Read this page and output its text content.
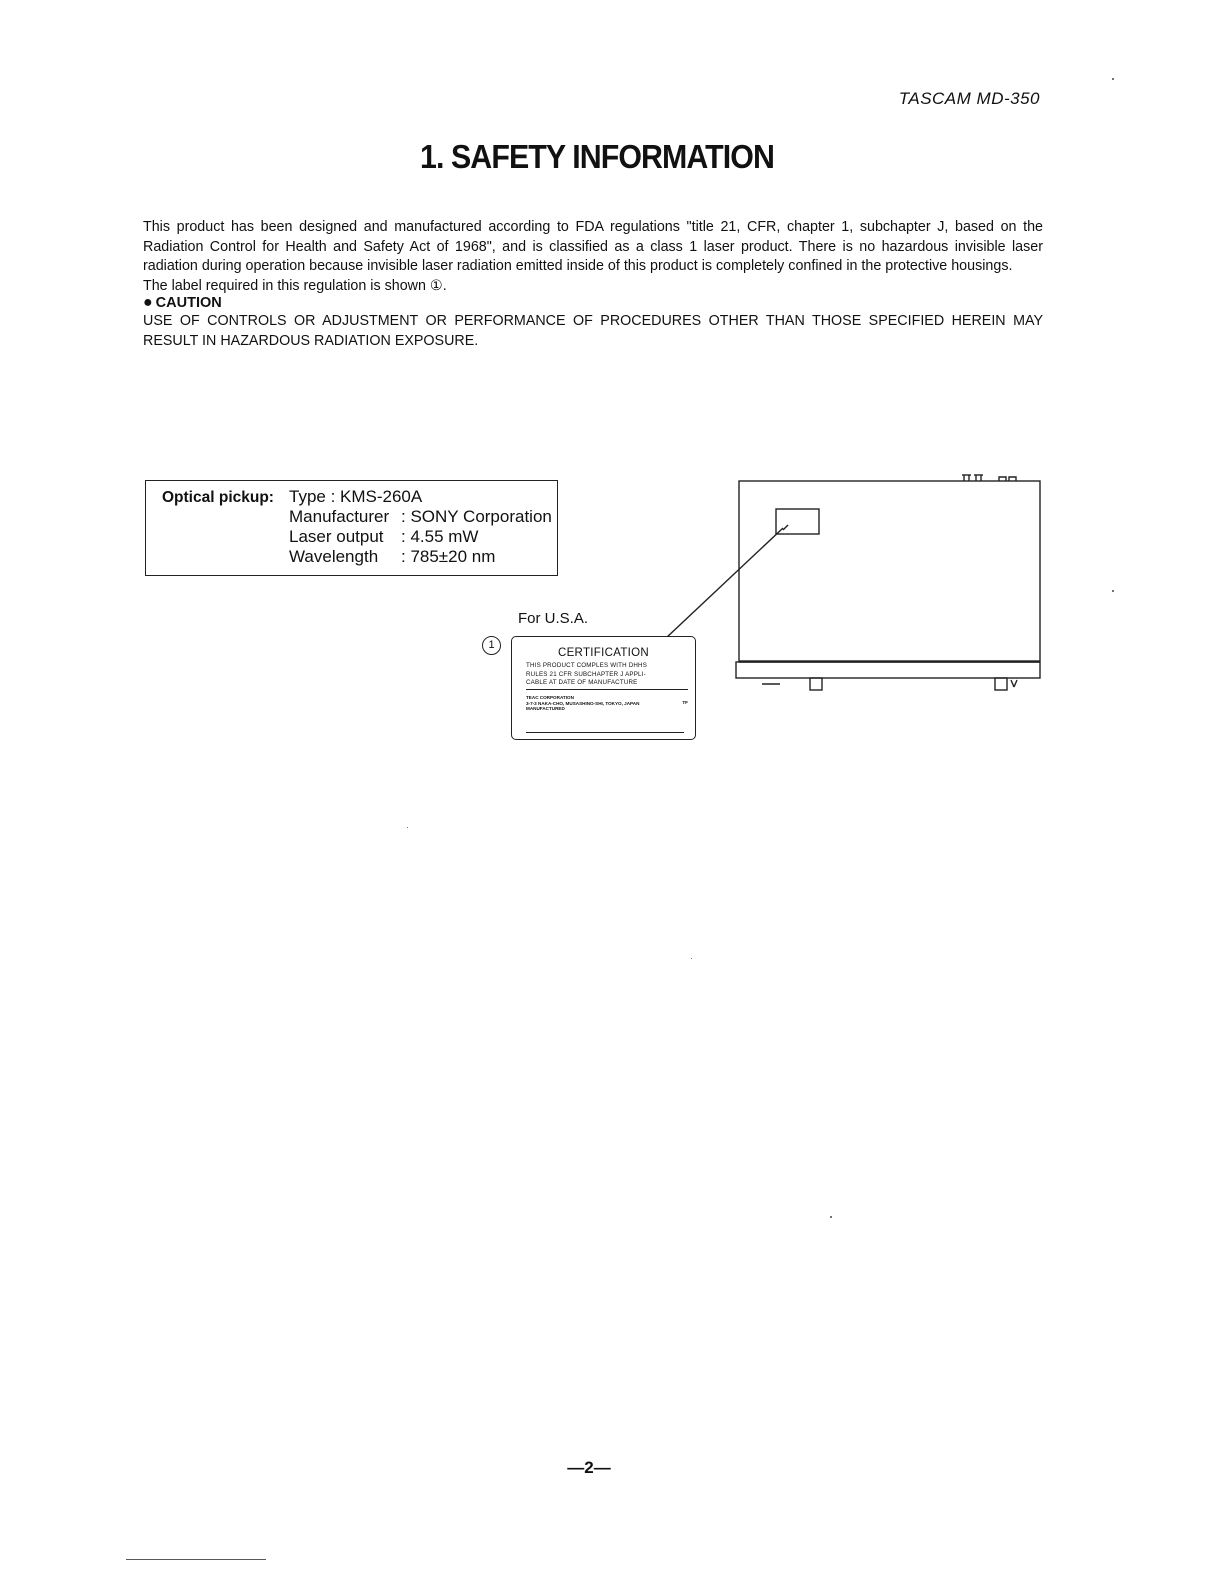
TASCAM MD-350
1. SAFETY INFORMATION

This product has been designed and manufactured according to FDA regulations "title 21, CFR, chapter 1, subchapter J, based on the Radiation Control for Health and Safety Act of 1968", and is classified as a class 1 laser product. There is no hazardous invisible laser radiation during operation because invisible laser radiation emitted inside of this product is completely confined in the protective housings.

The label required in this regulation is shown ①.

● CAUTION
USE OF CONTROLS OR ADJUSTMENT OR PERFORMANCE OF PROCEDURES OTHER THAN THOSE SPECIFIED HEREIN MAY RESULT IN HAZARDOUS RADIATION EXPOSURE.
Optical pickup: Type : KMS-260A
Manufacturer : SONY Corporation
Laser output : 4.55 mW
Wavelength : 785±20 nm
For U.S.A.
1
CERTIFICATION
THIS PRODUCT COMPLES WITH DHHS
RULES 21 CFR SUBCHAPTER J APPLI-
CABLE AT DATE OF MANUFACTURE
TEAC CORPORATION
3-7-3 NAKA-CHO, MUSASHINO-SHI, TOKYO, JAPAN
MANUFACTURED
TF
—2—
